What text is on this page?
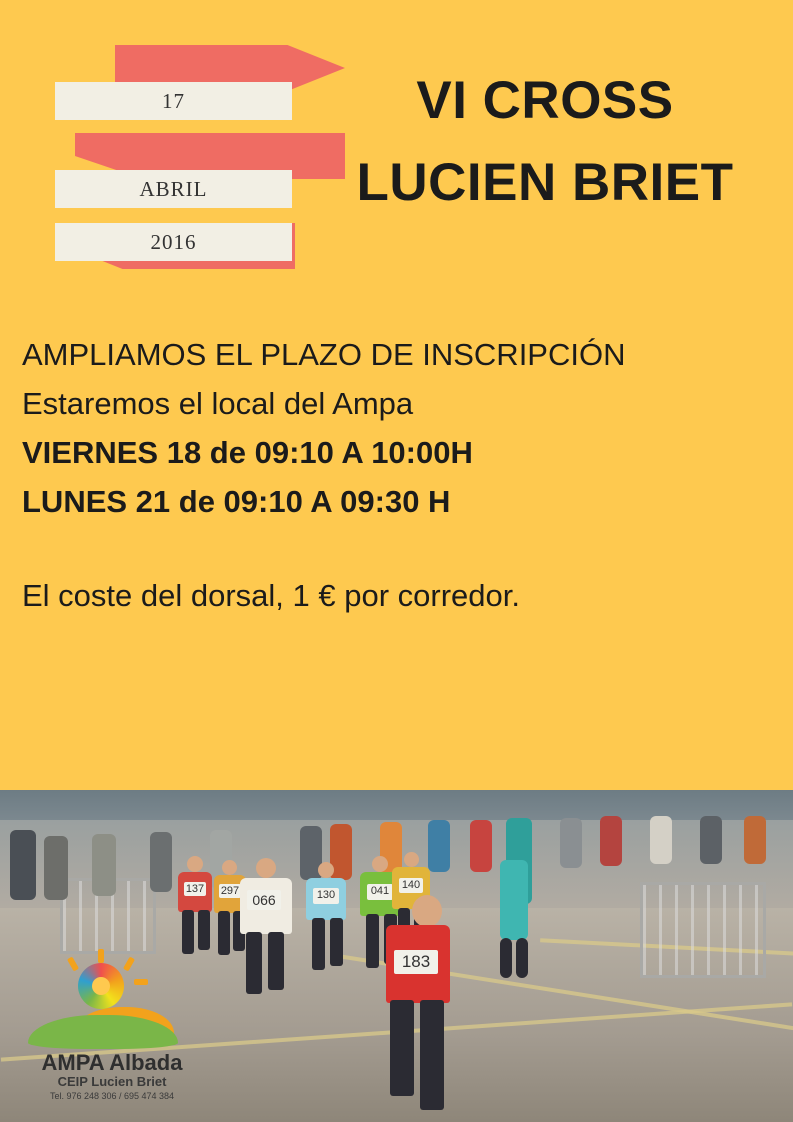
17
ABRIL
2016
VI CROSS
LUCIEN BRIET
AMPLIAMOS EL PLAZO DE INSCRIPCIÓN
Estaremos el local del Ampa
VIERNES 18 de 09:10 A 10:00H
LUNES 21 de 09:10 A 09:30 H
El coste del dorsal, 1 € por corredor.
137 297
066	130	041	140
183
AMPA Albada
CEIP Lucien Briet
Tel. 976 248 306 / 695 474 384
